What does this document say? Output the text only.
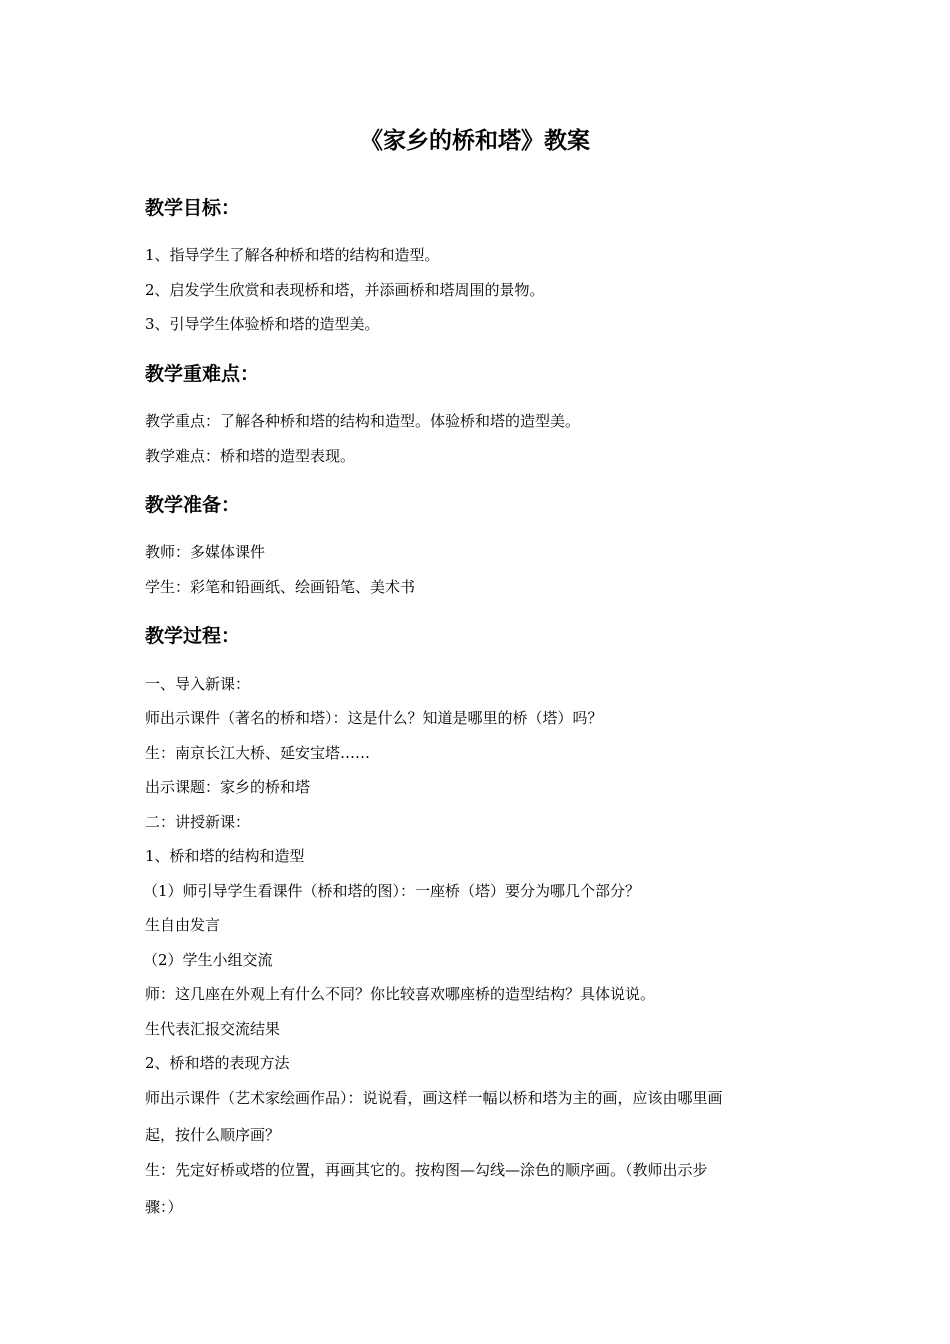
《家乡的桥和塔》教案
教学目标：
1、指导学生了解各种桥和塔的结构和造型。
2、启发学生欣赏和表现桥和塔，并添画桥和塔周围的景物。
3、引导学生体验桥和塔的造型美。
教学重难点：
教学重点：了解各种桥和塔的结构和造型。体验桥和塔的造型美。
教学难点：桥和塔的造型表现。
教学准备：
教师：多媒体课件
学生：彩笔和铅画纸、绘画铅笔、美术书
教学过程：
一、导入新课：
师出示课件（著名的桥和塔）：这是什么？知道是哪里的桥（塔）吗？
生：南京长江大桥、延安宝塔……
出示课题：家乡的桥和塔
二：讲授新课：
1、桥和塔的结构和造型
（1）师引导学生看课件（桥和塔的图）：一座桥（塔）要分为哪几个部分？
生自由发言
（2）学生小组交流
师：这几座在外观上有什么不同？你比较喜欢哪座桥的造型结构？具体说说。
生代表汇报交流结果
2、桥和塔的表现方法
师出示课件（艺术家绘画作品）：说说看，画这样一幅以桥和塔为主的画，应该由哪里画
起，按什么顺序画？
生：先定好桥或塔的位置，再画其它的。按构图—勾线—涂色的顺序画。（教师出示步
骤：）
